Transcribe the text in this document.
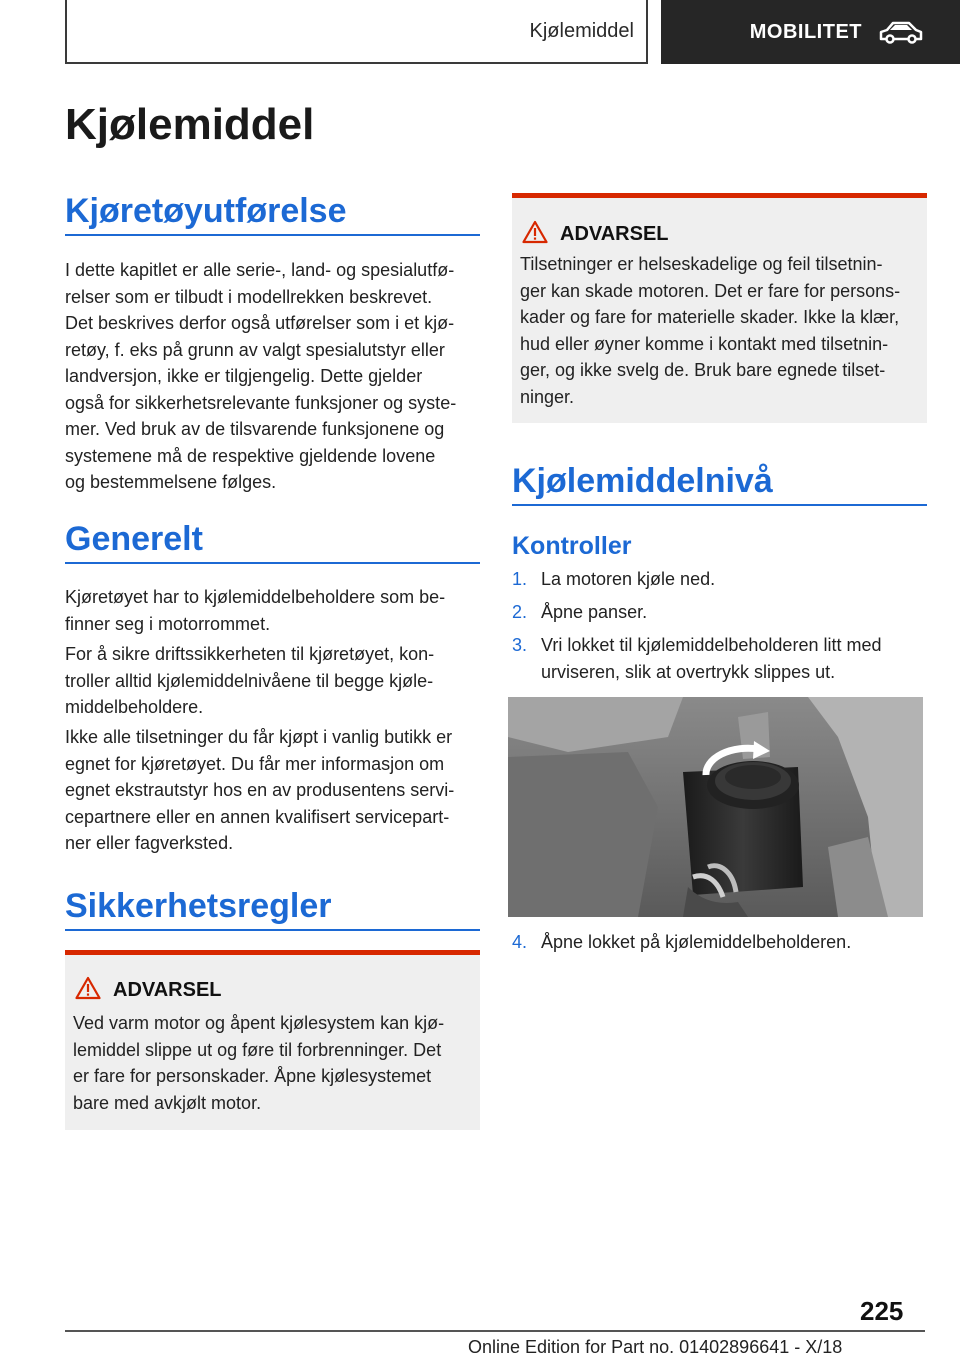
Kjølemiddel	MOBILITET
Kjølemiddel
Kjøretøyutførelse
I dette kapitlet er alle serie-, land- og spesialutfø-
relser som er tilbudt i modellrekken beskrevet.
Det beskrives derfor også utførelser som i et kjø-
retøy, f. eks på grunn av valgt spesialutstyr eller
landversjon, ikke er tilgjengelig. Dette gjelder
også for sikkerhetsrelevante funksjoner og syste-
mer. Ved bruk av de tilsvarende funksjonene og
systemene må de respektive gjeldende lovene
og bestemmelsene følges.
Generelt
Kjøretøyet har to kjølemiddelbeholdere som be-
finner seg i motorrommet.
For å sikre driftssikkerheten til kjøretøyet, kon-
troller alltid kjølemiddelnivåene til begge kjøle-
middelbeholdere.
Ikke alle tilsetninger du får kjøpt i vanlig butikk er
egnet for kjøretøyet. Du får mer informasjon om
egnet ekstrautstyr hos en av produsentens servi-
cepartnere eller en annen kvalifisert servicepart-
ner eller fagverksted.
Sikkerhetsregler
ADVARSEL
Ved varm motor og åpent kjølesystem kan kjø-
lemiddel slippe ut og føre til forbrenninger. Det
er fare for personskader. Åpne kjølesystemet
bare med avkjølt motor.
ADVARSEL
Tilsetninger er helseskadelige og feil tilsetnin-
ger kan skade motoren. Det er fare for persons-
kader og fare for materielle skader. Ikke la klær,
hud eller øyner komme i kontakt med tilsetnin-
ger, og ikke svelg de. Bruk bare egnede tilset-
ninger.
Kjølemiddelnivå
Kontroller
1. La motoren kjøle ned.
2. Åpne panser.
3. Vri lokket til kjølemiddelbeholderen litt med
urviseren, slik at overtrykk slippes ut.
4. Åpne lokket på kjølemiddelbeholderen.
225
Online Edition for Part no. 01402896641 - X/18
